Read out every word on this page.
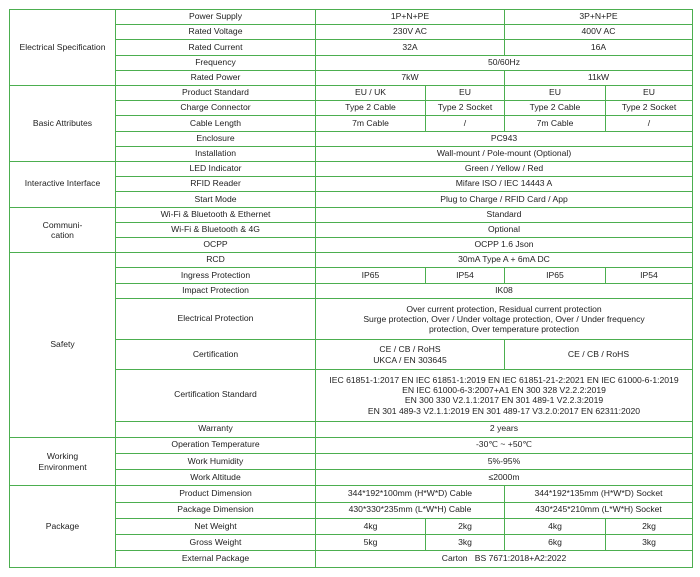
Electrical Specification	Power Supply	1P+N+PE		3P+N+PE	
	Rated Voltage	230V AC		400V AC	
	Rated Current	32A		16A	
	Frequency	50/60Hz			
	Rated Power	7kW		11kW	
Basic Attributes	Product Standard	EU / UK	EU	EU	EU
	Charge Connector	Type 2 Cable	Type 2 Socket	Type 2 Cable	Type 2 Socket
	Cable Length	7m Cable	/	7m Cable	/
	Enclosure	PC943			
	Installation	Wall-mount / Pole-mount (Optional)			
Interactive Interface	LED Indicator	Green / Yellow / Red			
	RFID Reader	Mifare ISO / IEC 14443 A			
	Start Mode	Plug to Charge / RFID Card / App			
Communi-
cation	Wi-Fi & Bluetooth & Ethernet	Standard			
	Wi-Fi & Bluetooth & 4G	Optional			
	OCPP	OCPP 1.6 Json			
Safety	RCD	30mA Type A + 6mA DC			
	Ingress Protection	IP65	IP54	IP65	IP54
	Impact Protection	IK08			
	Electrical Protection	Over current protection, Residual current protection
Surge protection, Over / Under voltage protection, Over / Under frequency
protection, Over temperature protection			
	Certification	CE / CB / RoHS
UKCA / EN 303645		CE / CB / RoHS	
	Certification Standard	IEC 61851-1:2017 EN IEC 61851-1:2019 EN IEC 61851-21-2:2021 EN IEC 61000-6-1:2019
EN IEC 61000-6-3:2007+A1 EN 300 328 V2.2.2:2019
EN 300 330 V2.1.1:2017 EN 301 489-1 V2.2.3:2019
EN 301 489-3 V2.1.1:2019 EN 301 489-17 V3.2.0:2017 EN 62311:2020			
	Warranty	2 years			
Working
Environment	Operation Temperature	-30℃ ~ +50℃			
	Work Humidity	5%-95%			
	Work Altitude	≤2000m			
Package	Product Dimension	344*192*100mm (H*W*D) Cable		344*192*135mm (H*W*D) Socket	
	Package Dimension	430*330*235mm (L*W*H) Cable		430*245*210mm (L*W*H) Socket	
	Net Weight	4kg	2kg	4kg	2kg
	Gross Weight	5kg	3kg	6kg	3kg
	External Package	Carton   BS 7671:2018+A2:2022			
